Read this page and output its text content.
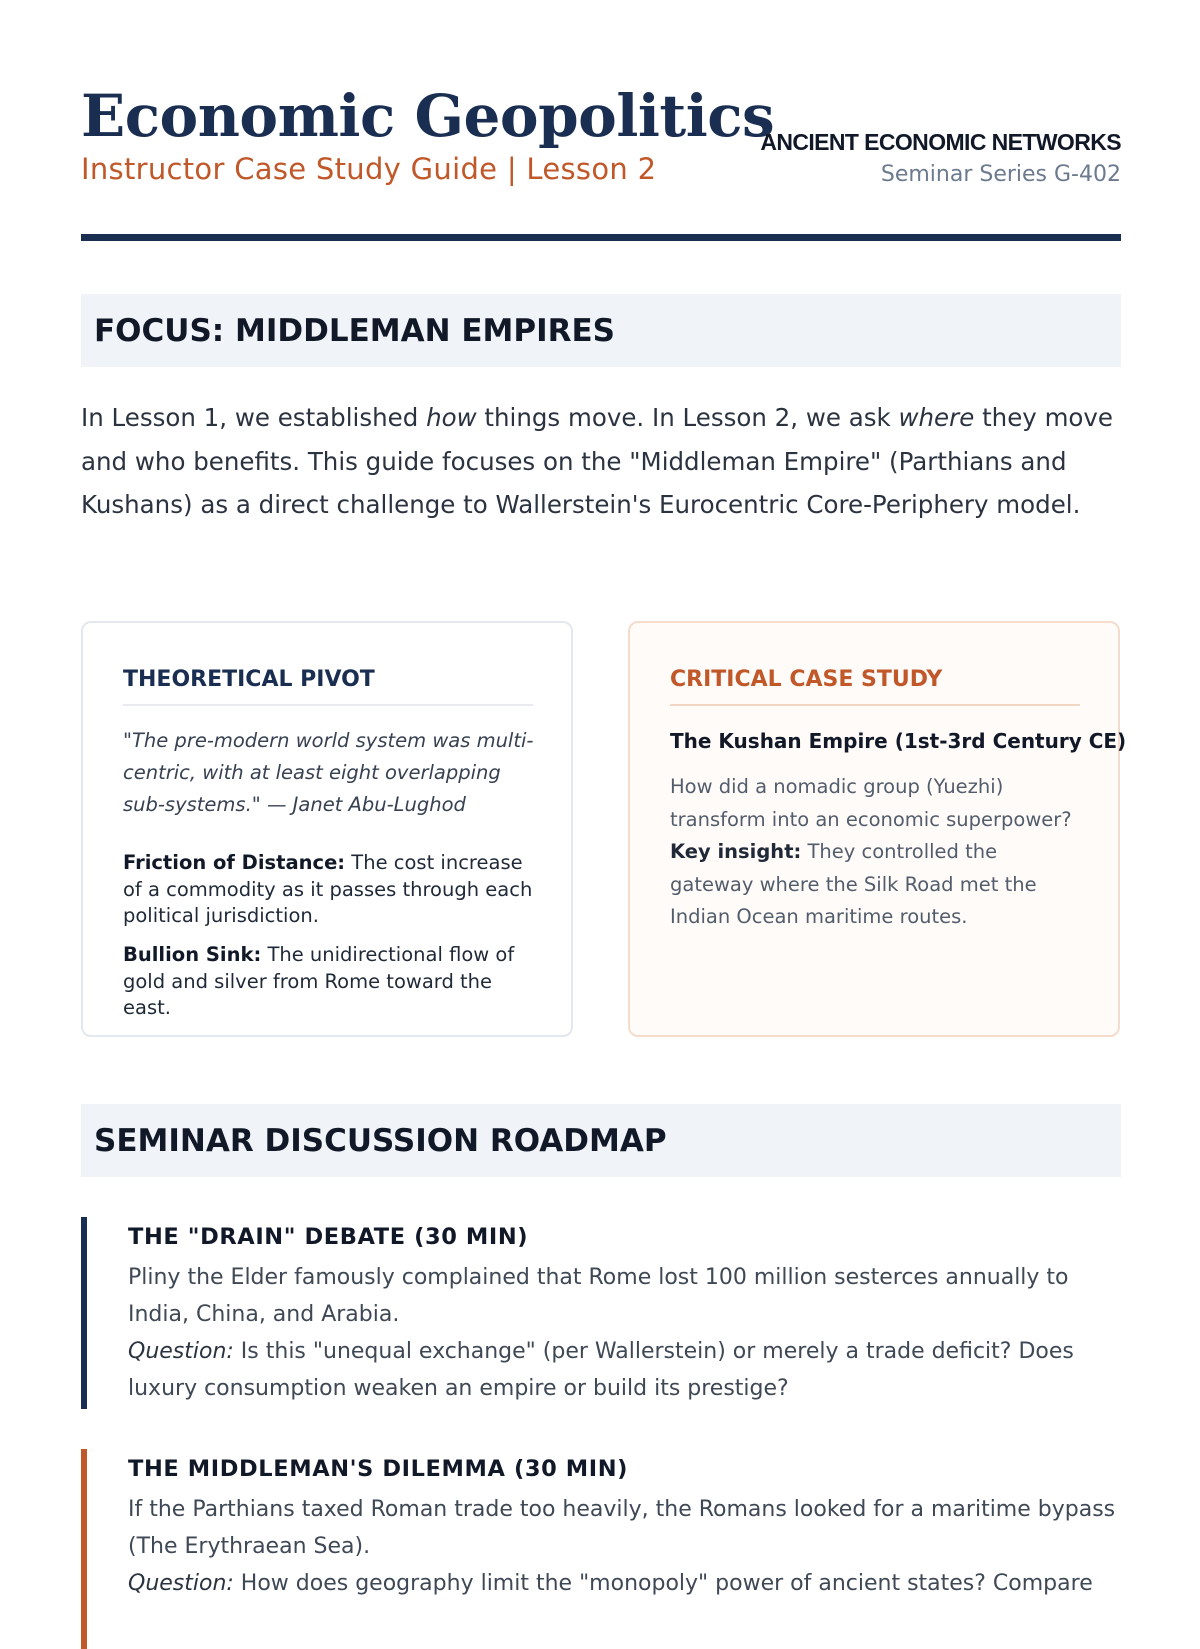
Economic Geopolitics
Instructor Case Study Guide | Lesson 2
ANCIENT ECONOMIC NETWORKS
Seminar Series G-402
FOCUS: MIDDLEMAN EMPIRES

In Lesson 1, we established how things move. In Lesson 2, we ask where they move and who benefits. This guide focuses on the "Middleman Empire" (Parthians and Kushans) as a direct challenge to Wallerstein's Eurocentric Core-Periphery model.

THEORETICAL PIVOT

"The pre-modern world system was multi-centric, with at least eight overlapping sub-systems." — Janet Abu-Lughod

Friction of Distance: The cost increase of a commodity as it passes through each political jurisdiction.

Bullion Sink: The unidirectional flow of gold and silver from Rome toward the east.

CRITICAL CASE STUDY

The Kushan Empire (1st-3rd Century CE)

How did a nomadic group (Yuezhi) transform into an economic superpower?
Key insight: They controlled the gateway where the Silk Road met the Indian Ocean maritime routes.

SEMINAR DISCUSSION ROADMAP
THE "DRAIN" DEBATE (30 MIN)

Pliny the Elder famously complained that Rome lost 100 million sesterces annually to India, China, and Arabia.
Question: Is this "unequal exchange" (per Wallerstein) or merely a trade deficit? Does luxury consumption weaken an empire or build its prestige?

THE MIDDLEMAN'S DILEMMA (30 MIN)

If the Parthians taxed Roman trade too heavily, the Romans looked for a maritime bypass (The Erythraean Sea).
Question: How does geography limit the "monopoly" power of ancient states? Compare
